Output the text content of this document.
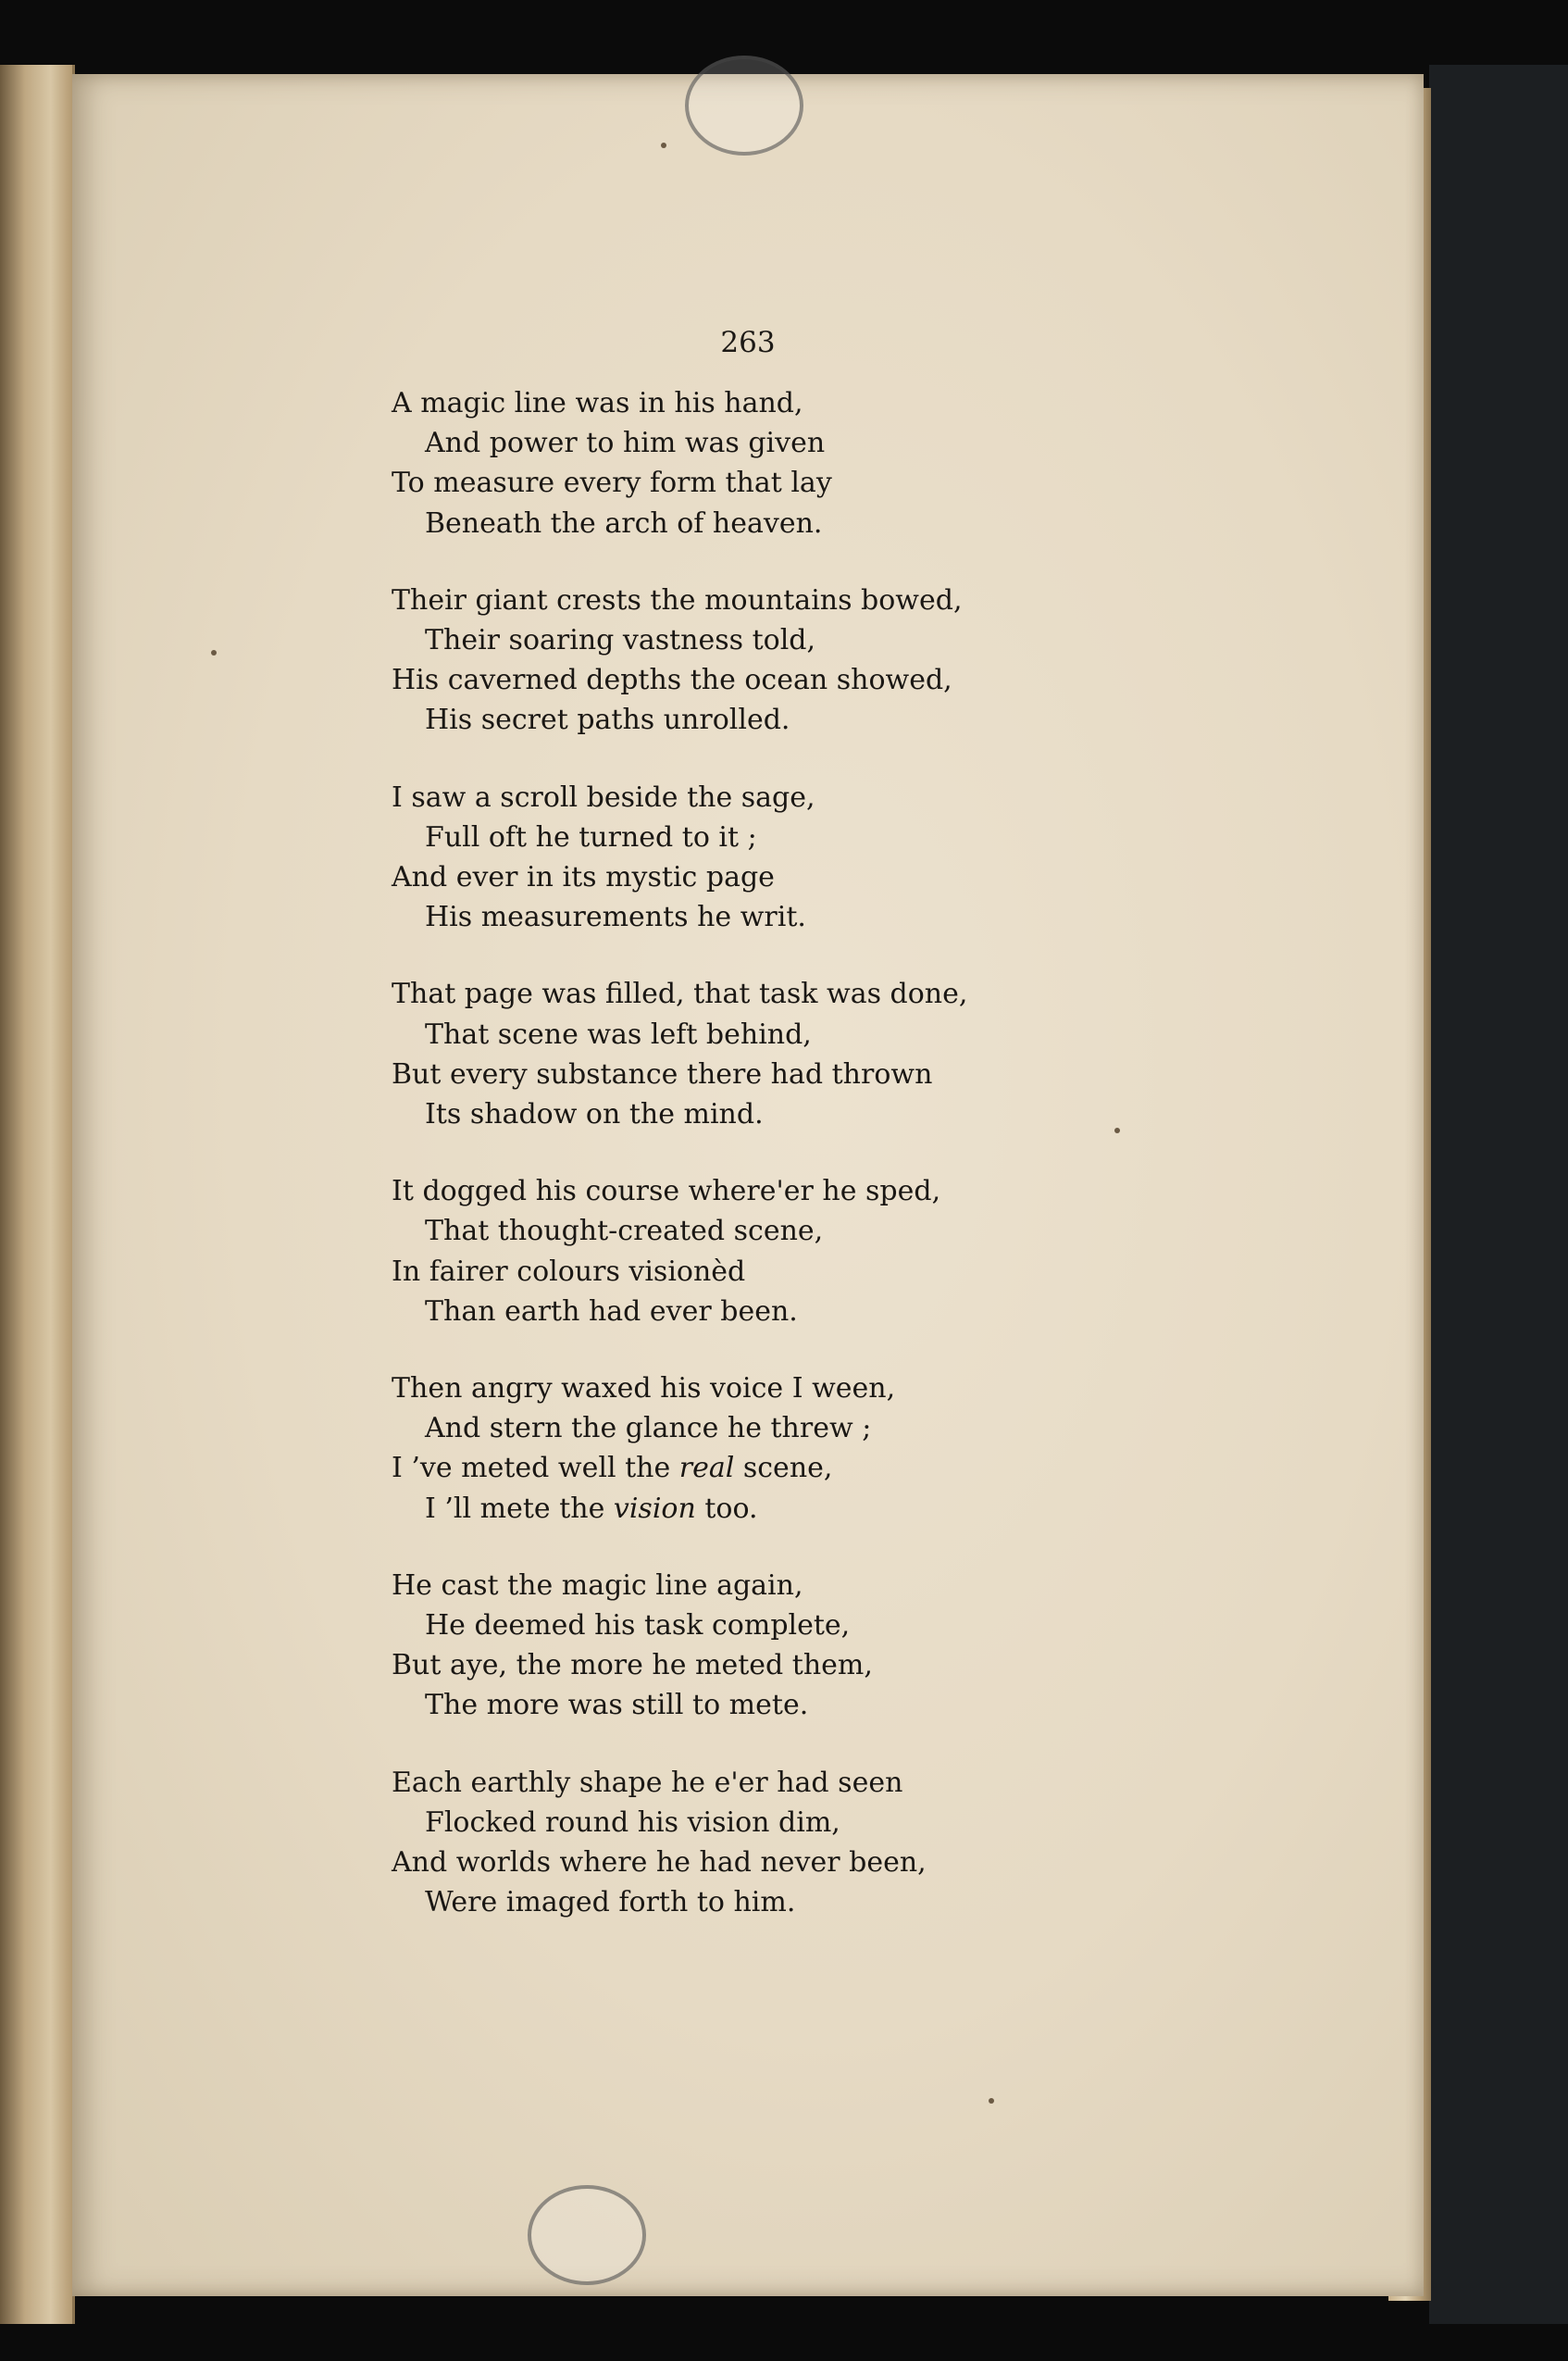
263

A magic line was in his hand,
And power to him was given
To measure every form that lay
Beneath the arch of heaven.
Their giant crests the mountains bowed,
Their soaring vastness told,
His caverned depths the ocean showed,
His secret paths unrolled.
I saw a scroll beside the sage,
Full oft he turned to it ;
And ever in its mystic page
His measurements he writ.
That page was filled, that task was done,
That scene was left behind,
But every substance there had thrown
Its shadow on the mind.
It dogged his course where'er he sped,
That thought-created scene,
In fairer colours visionèd
Than earth had ever been.
Then angry waxed his voice I ween,
And stern the glance he threw ;
I ’ve meted well the real scene,
I ’ll mete the vision too.
He cast the magic line again,
He deemed his task complete,
But aye, the more he meted them,
The more was still to mete.
Each earthly shape he e'er had seen
Flocked round his vision dim,
And worlds where he had never been,
Were imaged forth to him.
